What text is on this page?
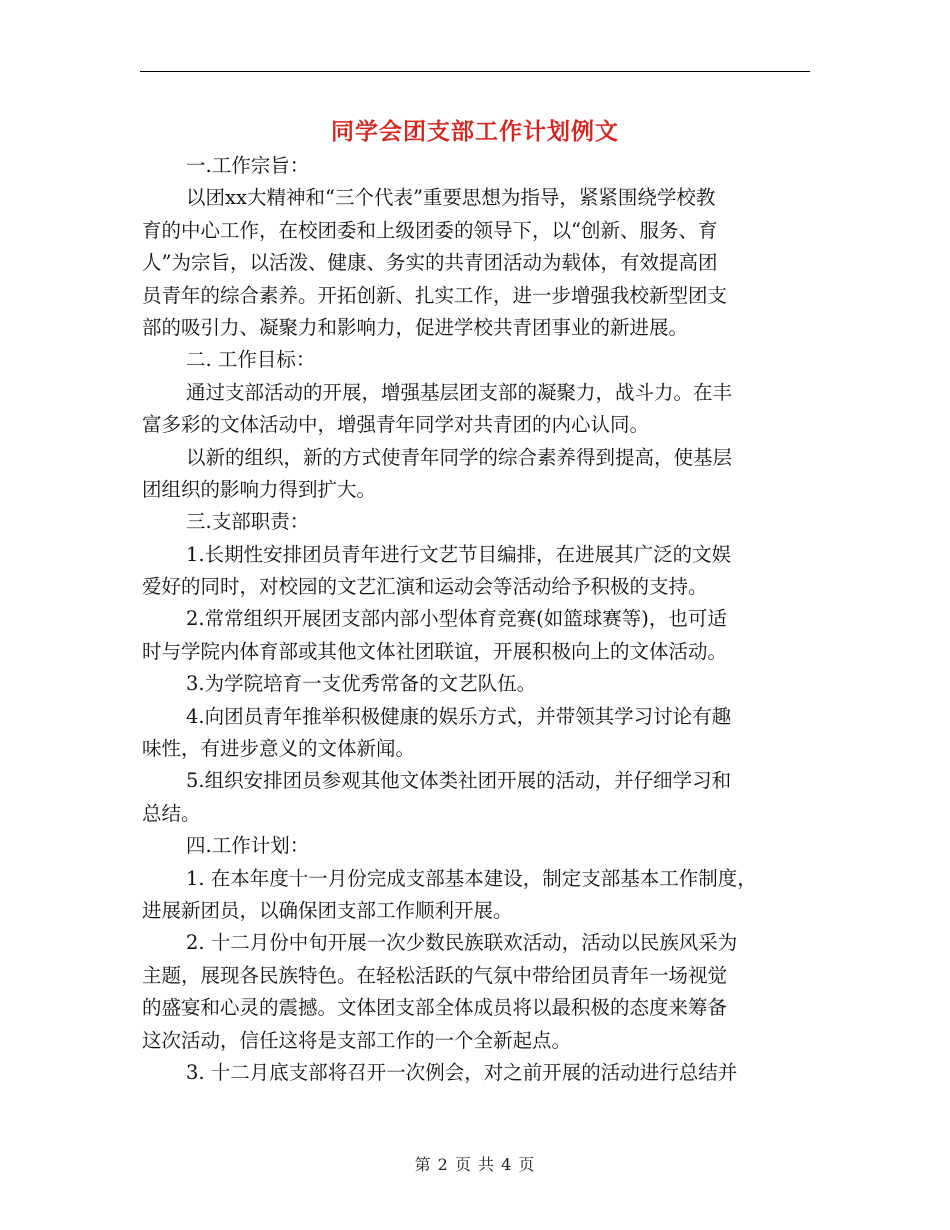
同学会团支部工作计划例文
一.工作宗旨：
以团xx大精神和“三个代表”重要思想为指导，紧紧围绕学校教
育的中心工作，在校团委和上级团委的领导下，以“创新、服务、育
人”为宗旨，以活泼、健康、务实的共青团活动为载体，有效提高团
员青年的综合素养。开拓创新、扎实工作，进一步增强我校新型团支
部的吸引力、凝聚力和影响力，促进学校共青团事业的新进展。
二. 工作目标：
通过支部活动的开展，增强基层团支部的凝聚力，战斗力。在丰
富多彩的文体活动中，增强青年同学对共青团的内心认同。
以新的组织，新的方式使青年同学的综合素养得到提高，使基层
团组织的影响力得到扩大。
三.支部职责：
1.长期性安排团员青年进行文艺节目编排，在进展其广泛的文娱
爱好的同时，对校园的文艺汇演和运动会等活动给予积极的支持。
2.常常组织开展团支部内部小型体育竞赛(如篮球赛等)，也可适
时与学院内体育部或其他文体社团联谊，开展积极向上的文体活动。
3.为学院培育一支优秀常备的文艺队伍。
4.向团员青年推举积极健康的娱乐方式，并带领其学习讨论有趣
味性，有进步意义的文体新闻。
5.组织安排团员参观其他文体类社团开展的活动，并仔细学习和
总结。
四.工作计划：
1. 在本年度十一月份完成支部基本建设，制定支部基本工作制度，
进展新团员，以确保团支部工作顺利开展。
2. 十二月份中旬开展一次少数民族联欢活动，活动以民族风采为
主题，展现各民族特色。在轻松活跃的气氛中带给团员青年一场视觉
的盛宴和心灵的震撼。文体团支部全体成员将以最积极的态度来筹备
这次活动，信任这将是支部工作的一个全新起点。
3. 十二月底支部将召开一次例会，对之前开展的活动进行总结并
第 2 页 共 4 页
